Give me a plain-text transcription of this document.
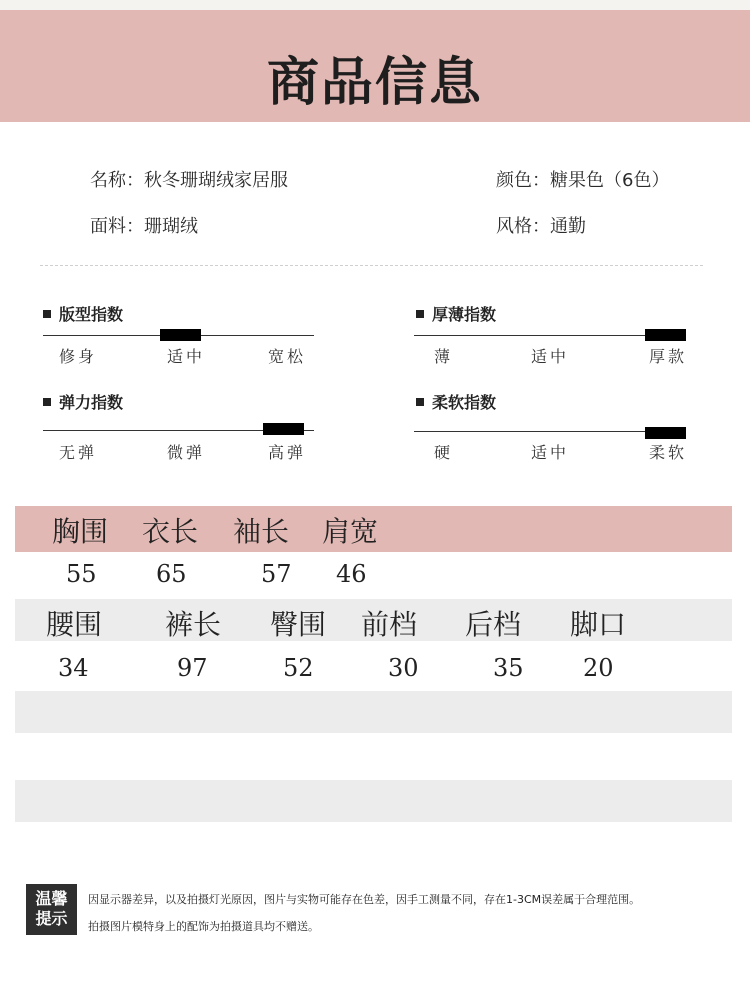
商品信息
名称：秋冬珊瑚绒家居服	颜色：糖果色（6色）
面料：珊瑚绒	风格：通勤
版型指数
修身	适中	宽松
厚薄指数
薄	适中	厚款
弹力指数
无弹	微弹	高弹
柔软指数
硬	适中	柔软
胸围 衣长 袖长 肩宽
55 65	57 46
腰围 裤长 臀围 前档 后档 脚口
34	97	52	30	35 20
温馨
提示
因显示器差异，以及拍摄灯光原因，图片与实物可能存在色差，因手工测量不同，存在1-3CM误差属于合理范围。
拍摄图片模特身上的配饰为拍摄道具均不赠送。
